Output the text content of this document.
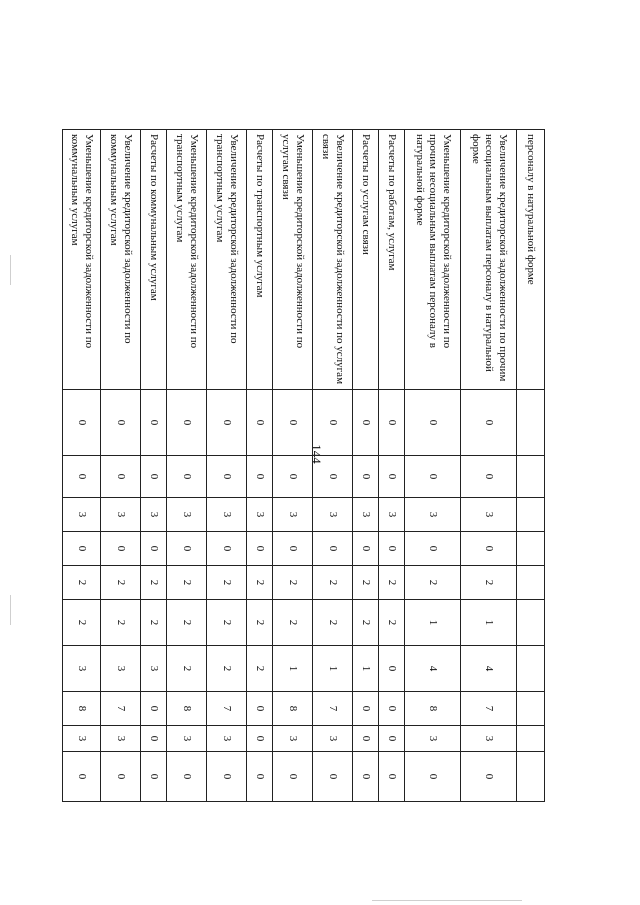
144
персоналу в натуральной форме										
Увеличение кредиторской задолженности по прочим несоциальным выплатам персоналу в натуральной форме	0	0	3	0	2	1	4	7	3	0
Уменьшение кредиторской задолженности по прочим несоциальным выплатам персоналу в натуральной форме	0	0	3	0	2	1	4	8	3	0
Расчеты по работам, услугам	0	0	3	0	2	2	0	0	0	0
Расчеты по услугам связи	0	0	3	0	2	2	1	0	0	0
Увеличение кредиторской задолженности по услугам связи	0	0	3	0	2	2	1	7	3	0
Уменьшение кредиторской задолженности по услугам связи	0	0	3	0	2	2	1	8	3	0
Расчеты по транспортным услугам	0	0	3	0	2	2	2	0	0	0
Увеличение кредиторской задолженности по транспортным услугам	0	0	3	0	2	2	2	7	3	0
Уменьшение кредиторской задолженности по транспортным услугам	0	0	3	0	2	2	2	8	3	0
Расчеты по коммунальным услугам	0	0	3	0	2	2	3	0	0	0
Увеличение кредиторской задолженности по коммунальным услугам	0	0	3	0	2	2	3	7	3	0
Уменьшение кредиторской задолженности по коммунальным услугам	0	0	3	0	2	2	3	8	3	0
